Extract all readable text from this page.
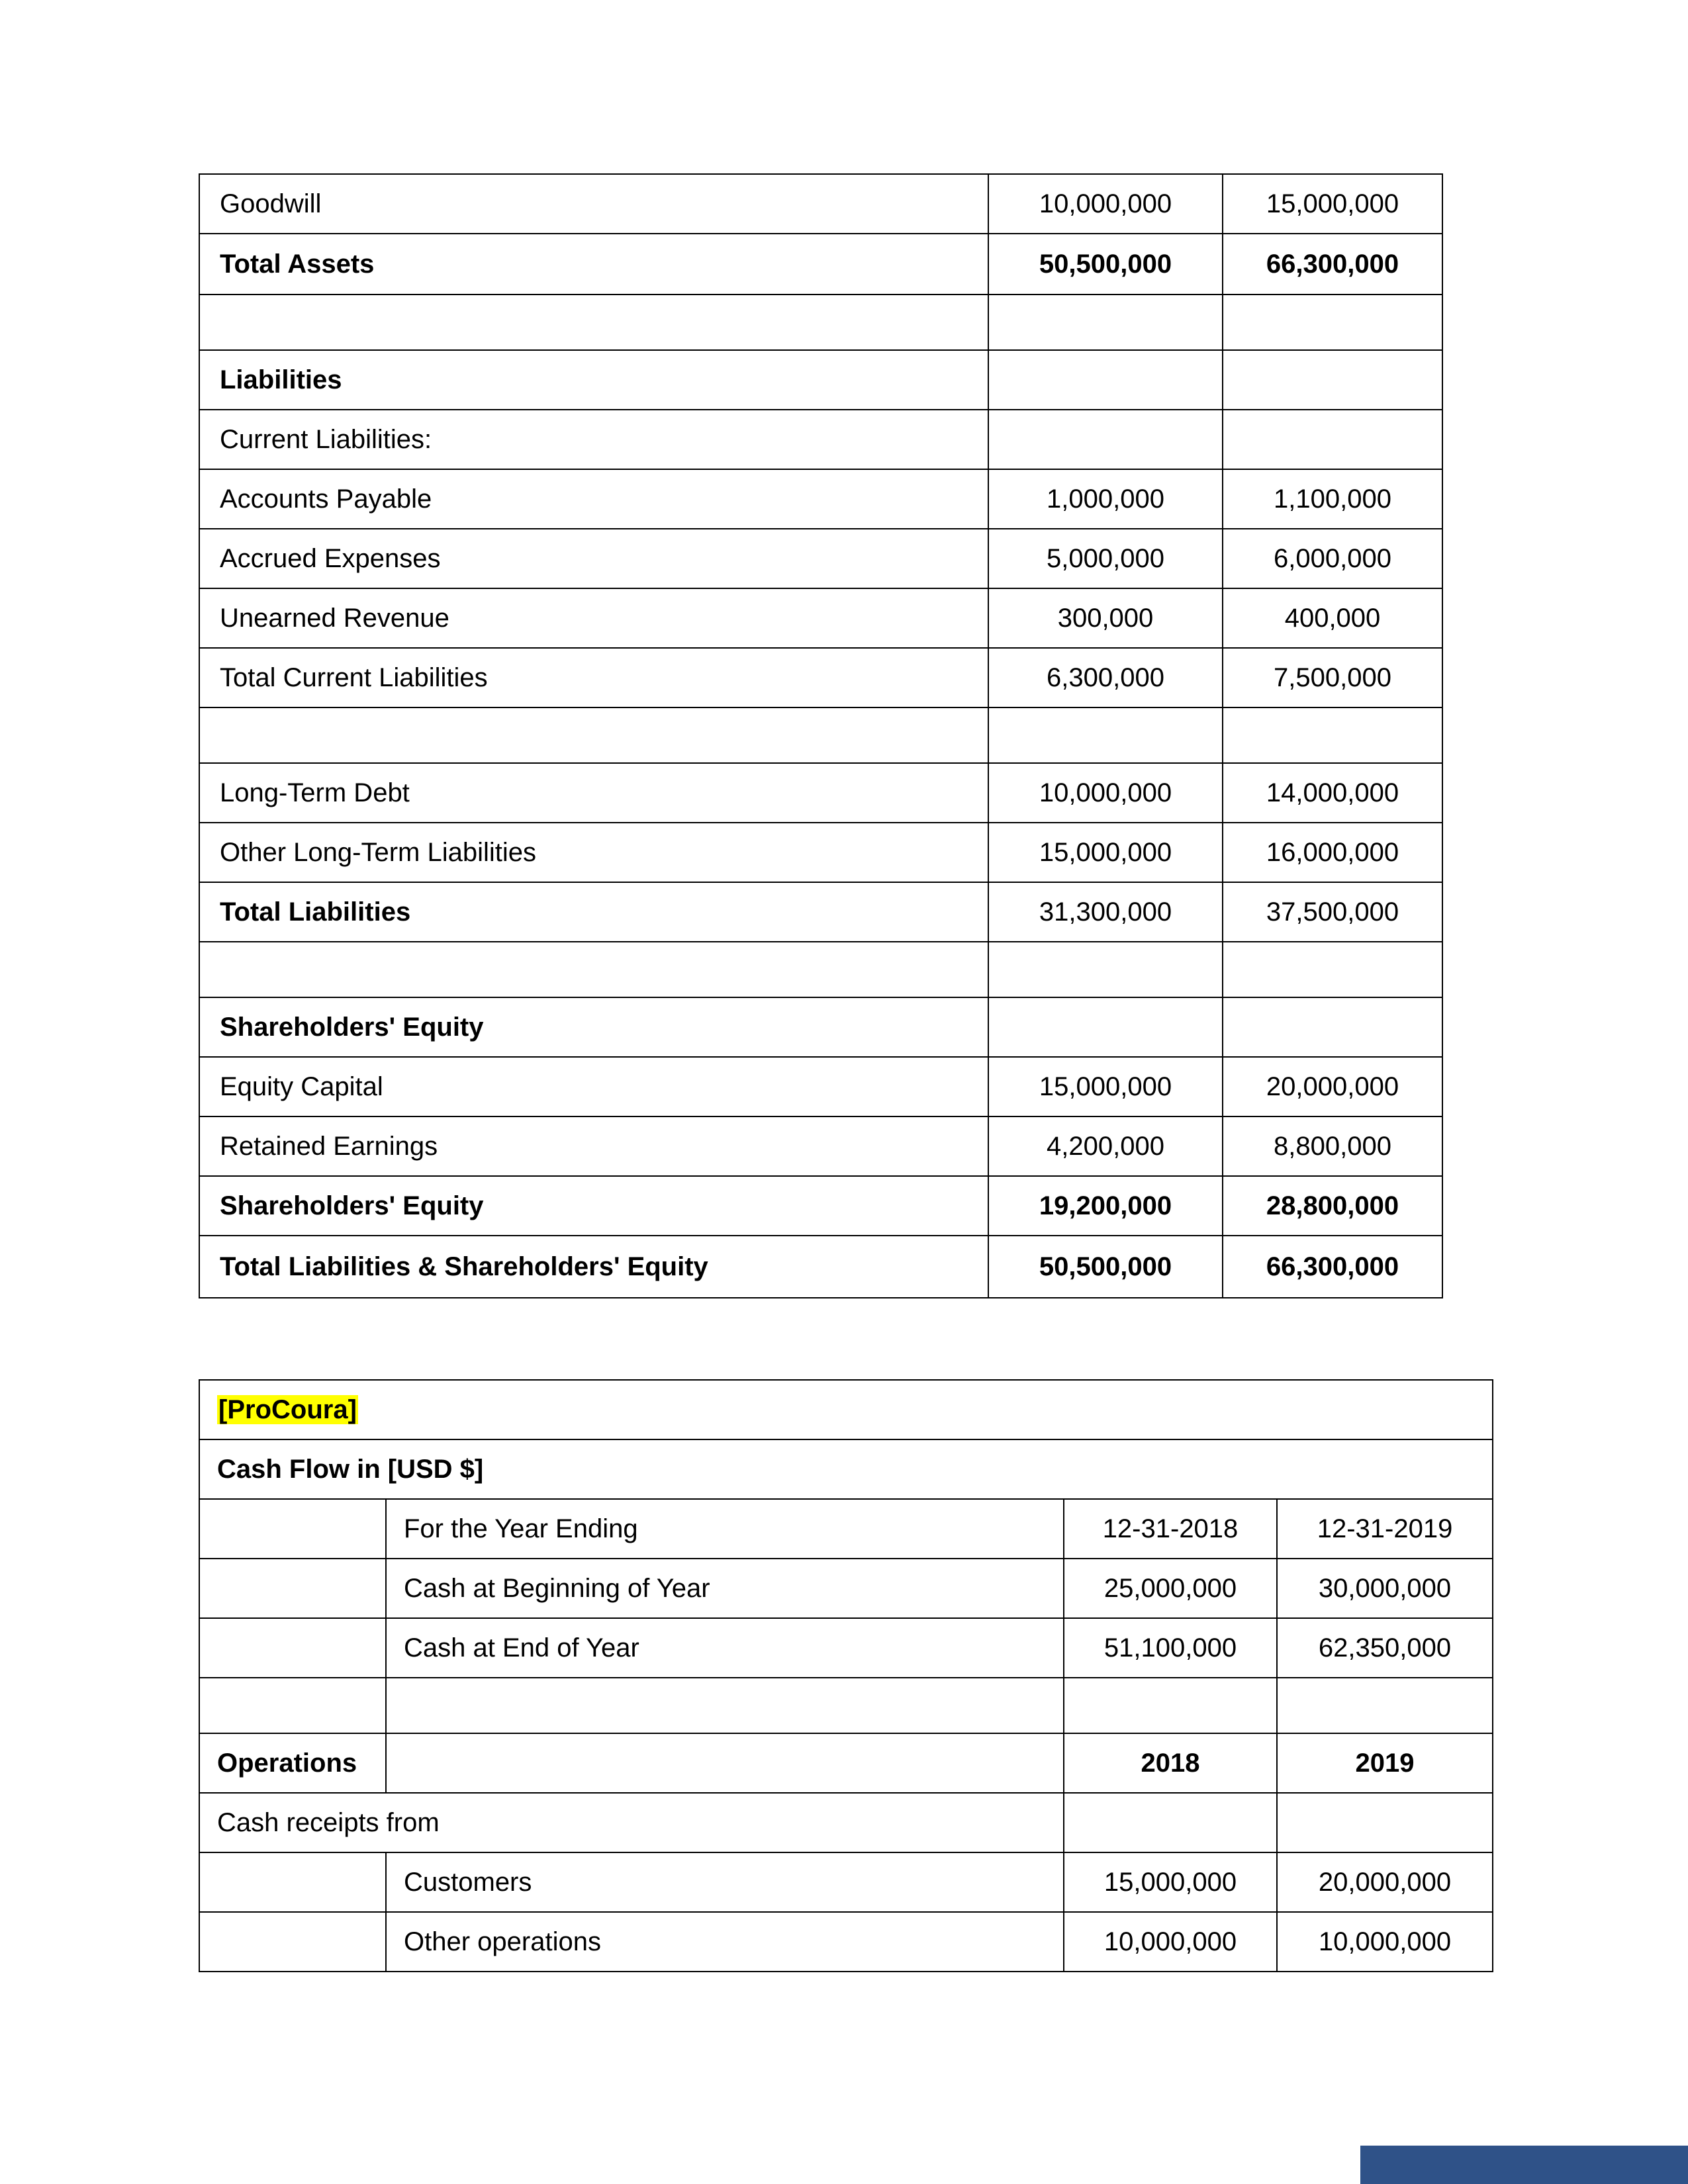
Goodwill	10,000,000	15,000,000
Total Assets	50,500,000	66,300,000

Liabilities		
Current Liabilities:		
Accounts Payable	1,000,000	1,100,000
Accrued Expenses	5,000,000	6,000,000
Unearned Revenue	300,000	400,000
Total Current Liabilities	6,300,000	7,500,000

Long-Term Debt	10,000,000	14,000,000
Other Long-Term Liabilities	15,000,000	16,000,000
Total Liabilities	31,300,000	37,500,000

Shareholders' Equity		
Equity Capital	15,000,000	20,000,000
Retained Earnings	4,200,000	8,800,000
Shareholders' Equity	19,200,000	28,800,000
Total Liabilities & Shareholders' Equity	50,500,000	66,300,000
[ProCoura]			
Cash Flow in [USD $]			
	For the Year Ending	12-31-2018	12-31-2019
	Cash at Beginning of Year	25,000,000	30,000,000
	Cash at End of Year	51,100,000	62,350,000

Operations		2018	2019
Cash receipts from			
	Customers	15,000,000	20,000,000
	Other operations	10,000,000	10,000,000
